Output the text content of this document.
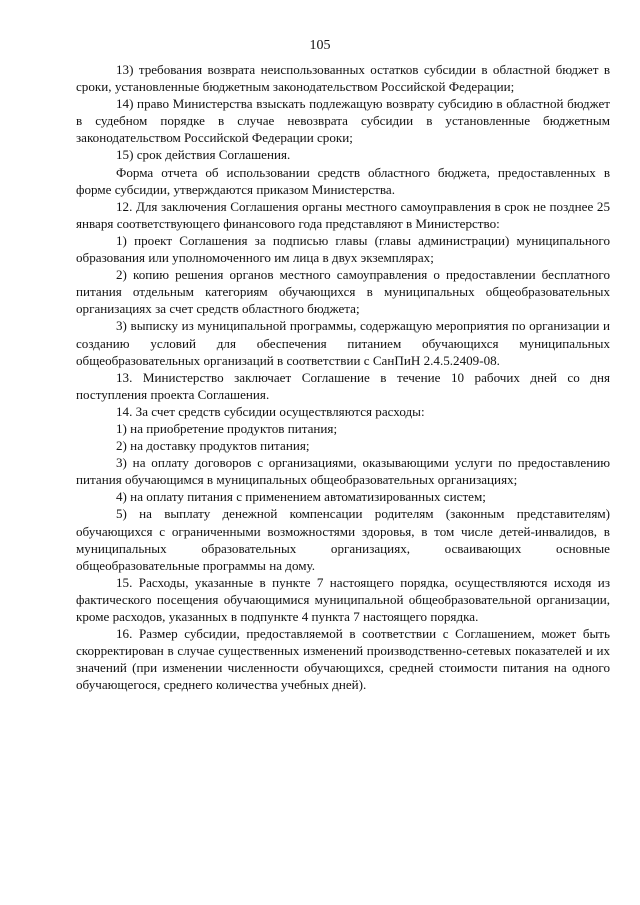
105

13) требования возврата неиспользованных остатков субсидии в областной бюджет в сроки, установленные бюджетным законодательством Российской Федерации;

14) право Министерства взыскать подлежащую возврату субсидию в областной бюджет в судебном порядке в случае невозврата субсидии в установленные бюджетным законодательством Российской Федерации сроки;

15) срок действия Соглашения.

Форма отчета об использовании средств областного бюджета, предоставленных в форме субсидии, утверждаются приказом Министерства.

12. Для заключения Соглашения органы местного самоуправления в срок не позднее 25 января соответствующего финансового года представляют в Министерство:

1) проект Соглашения за подписью главы (главы администрации) муниципального образования или уполномоченного им лица в двух экземплярах;

2) копию решения органов местного самоуправления о предоставлении бесплатного питания отдельным категориям обучающихся в муниципальных общеобразовательных организациях за счет средств областного бюджета;

3) выписку из муниципальной программы, содержащую мероприятия по организации и созданию условий для обеспечения питанием обучающихся муниципальных общеобразовательных организаций в соответствии с СанПиН 2.4.5.2409-08.

13. Министерство заключает Соглашение в течение 10 рабочих дней со дня поступления проекта Соглашения.

14. За счет средств субсидии осуществляются расходы:

1) на приобретение продуктов питания;

2) на доставку продуктов питания;

3) на оплату договоров с организациями, оказывающими услуги по предоставлению питания обучающимся в муниципальных общеобразовательных организациях;

4) на оплату питания с применением автоматизированных систем;

5) на выплату денежной компенсации родителям (законным представителям) обучающихся с ограниченными возможностями здоровья, в том числе детей-инвалидов, в муниципальных образовательных организациях, осваивающих основные общеобразовательные программы на дому.

15. Расходы, указанные в пункте 7 настоящего порядка, осуществляются исходя из фактического посещения обучающимися муниципальной общеобразовательной организации, кроме расходов, указанных в подпункте 4 пункта 7 настоящего порядка.

16. Размер субсидии, предоставляемой в соответствии с Соглашением, может быть скорректирован в случае существенных изменений производственно-сетевых показателей и их значений (при изменении численности обучающихся, средней стоимости питания на одного обучающегося, среднего количества учебных дней).
